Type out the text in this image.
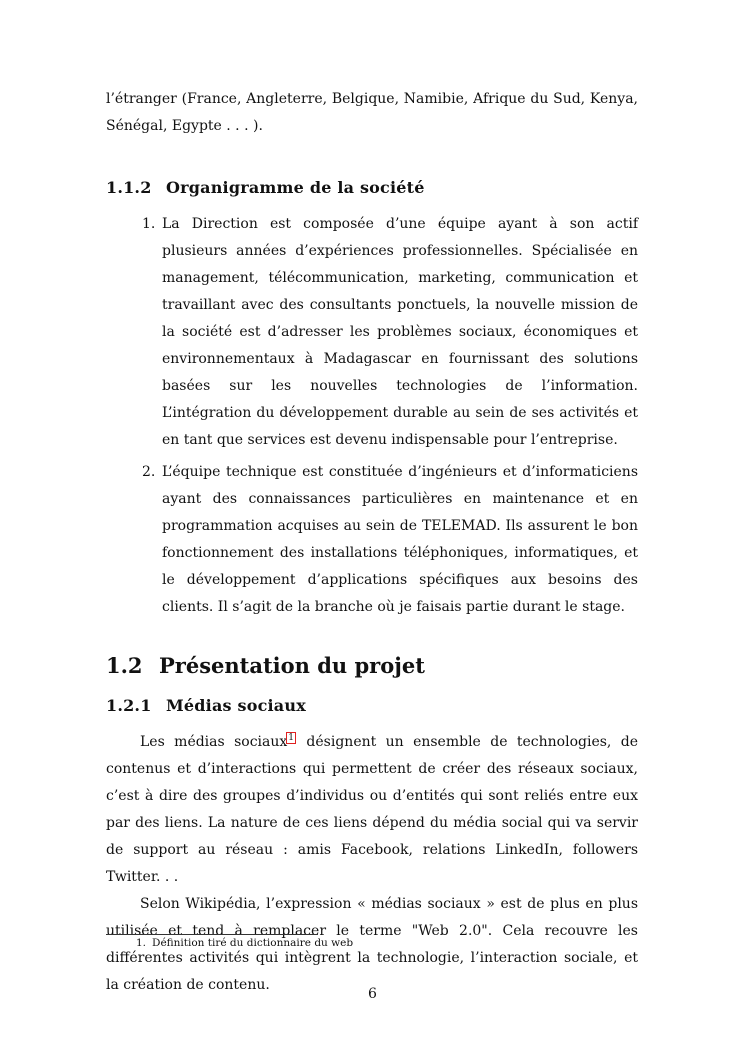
l’étranger (France, Angleterre, Belgique, Namibie, Afrique du Sud, Kenya, Sénégal, Egypte . . . ).

1.1.2 Organigramme de la société
1. La Direction est composée d’une équipe ayant à son actif plusieurs années d’expériences professionnelles. Spécialisée en management, télécommunication, marketing, communication et travaillant avec des consultants ponctuels, la nouvelle mission de la société est d’adresser les problèmes sociaux, économiques et environnementaux à Madagascar en fournissant des solutions basées sur les nouvelles technologies de l’information. L’intégration du développement durable au sein de ses activités et en tant que services est devenu indispensable pour l’entreprise.

2. L’équipe technique est constituée d’ingénieurs et d’informaticiens ayant des connaissances particulières en maintenance et en programmation acquises au sein de TELEMAD. Ils assurent le bon fonctionnement des installations téléphoniques, informatiques, et le développement d’applications spécifiques aux besoins des clients. Il s’agit de la branche où je faisais partie durant le stage.

1.2 Présentation du projet
1.2.1 Médias sociaux

Les médias sociaux$^1$ désignent un ensemble de technologies, de contenus et d’interactions qui permettent de créer des réseaux sociaux, c’est à dire des groupes d’individus ou d’entités qui sont reliés entre eux par des liens. La nature de ces liens dépend du média social qui va servir de support au réseau : amis Facebook, relations LinkedIn, followers Twitter. . .

Selon Wikipédia, l’expression « médias sociaux » est de plus en plus utilisée et tend à remplacer le terme "Web 2.0". Cela recouvre les différentes activités qui intègrent la technologie, l’interaction sociale, et la création de contenu.

1. Définition tiré du dictionnaire du web
6
